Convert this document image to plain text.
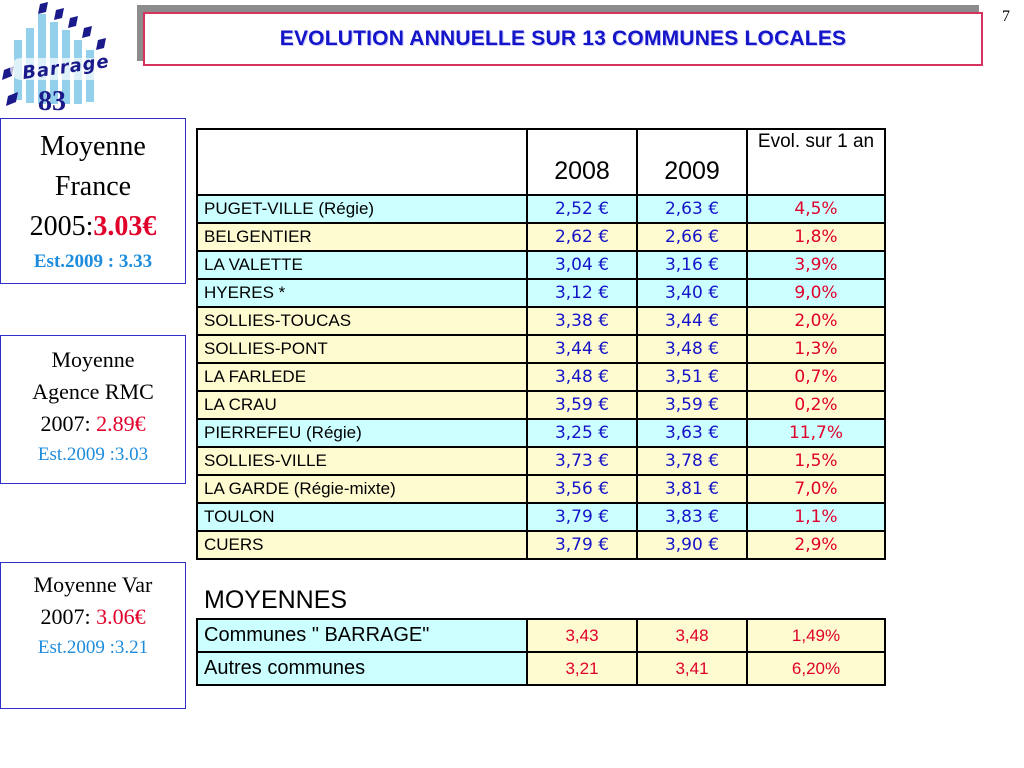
Barrage
83
7
EVOLUTION ANNUELLE SUR 13 COMMUNES LOCALES
Moyenne
France
2005:3.03€
Est.2009 : 3.33
Moyenne
Agence RMC
2007: 2.89€
Est.2009 :3.03
Moyenne Var
2007: 3.06€
Est.2009 :3.21
	2008	2009	Evol. sur 1 an
PUGET-VILLE (Régie)	2,52 €	2,63 €	4,5%
BELGENTIER	2,62 €	2,66 €	1,8%
LA VALETTE	3,04 €	3,16 €	3,9%
HYERES *	3,12 €	3,40 €	9,0%
SOLLIES-TOUCAS	3,38 €	3,44 €	2,0%
SOLLIES-PONT	3,44 €	3,48 €	1,3%
LA FARLEDE	3,48 €	3,51 €	0,7%
LA CRAU	3,59 €	3,59 €	0,2%
PIERREFEU (Régie)	3,25 €	3,63 €	11,7%
SOLLIES-VILLE	3,73 €	3,78 €	1,5%
LA GARDE (Régie-mixte)	3,56 €	3,81 €	7,0%
TOULON	3,79 €	3,83 €	1,1%
CUERS	3,79 €	3,90 €	2,9%
MOYENNES
Communes " BARRAGE"	3,43	3,48	1,49%
Autres communes	3,21	3,41	6,20%
